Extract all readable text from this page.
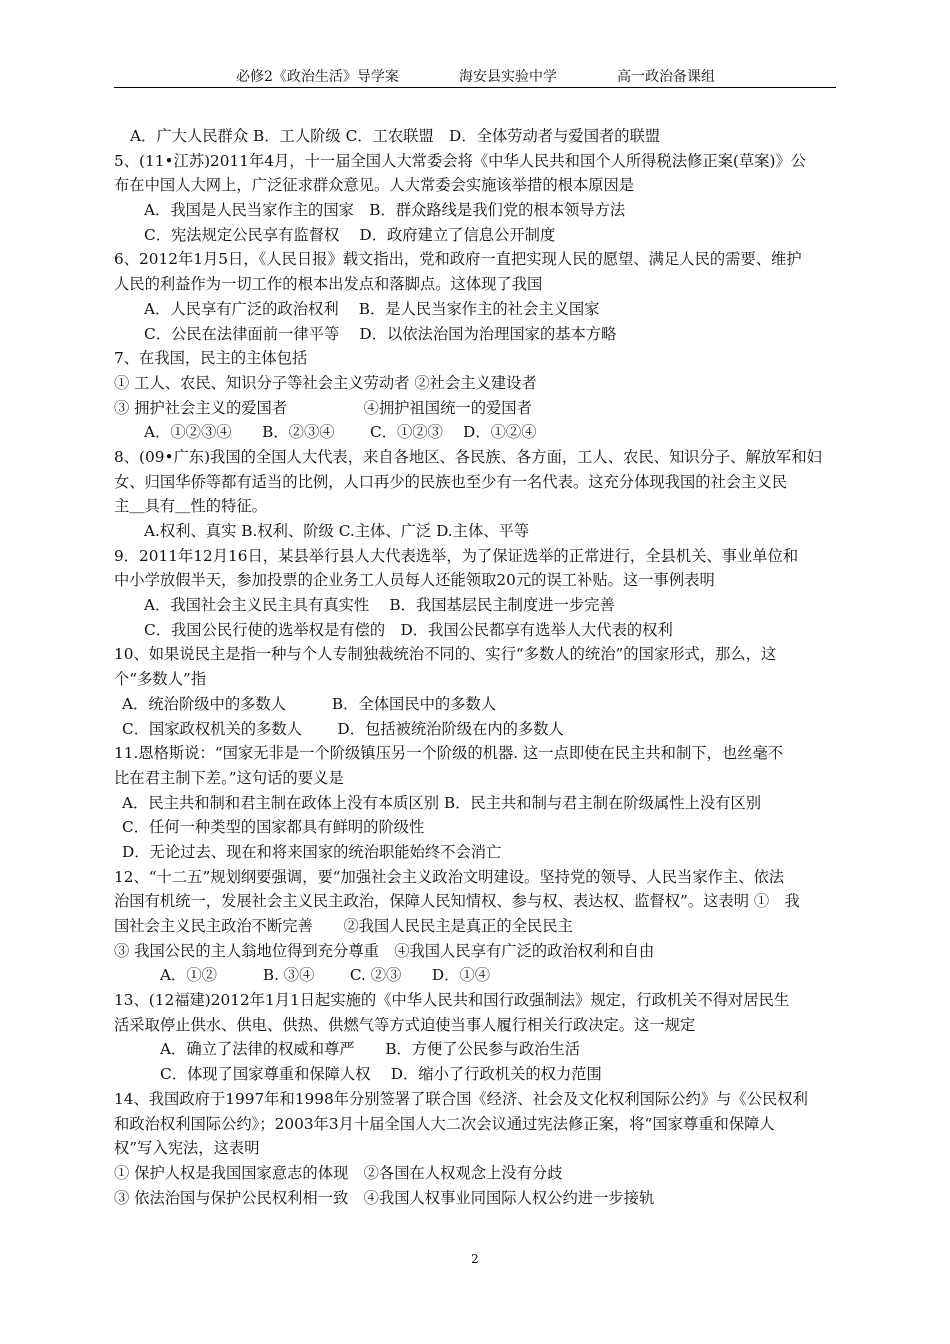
必修2《政治生活》导学案	海安县实验中学	高一政治备课组
A．广大人民群众 B．工人阶级 C．工农联盟　D．全体劳动者与爱国者的联盟
5、(11•江苏)2011年4月，十一届全国人大常委会将《中华人民共和国个人所得税法修正案(草案)》公
布在中国人大网上，广泛征求群众意见。人大常委会实施该举措的根本原因是
A．我国是人民当家作主的国家　B．群众路线是我们党的根本领导方法
C．宪法规定公民享有监督权　 D．政府建立了信息公开制度
6、2012年1月5日，《人民日报》载文指出，党和政府一直把实现人民的愿望、满足人民的需要、维护
人民的利益作为一切工作的根本出发点和落脚点。这体现了我国
A．人民享有广泛的政治权利　 B．是人民当家作主的社会主义国家
C．公民在法律面前一律平等　 D．以依法治国为治理国家的基本方略
7、在我国，民主的主体包括
① 工人、农民、知识分子等社会主义劳动者 ②社会主义建设者
③ 拥护社会主义的爱国者　　　　　④拥护祖国统一的爱国者
A．①②③④　　B．②③④　　 C．①②③　 D．①②④
8、(09•广东)我国的全国人大代表，来自各地区、各民族、各方面，工人、农民、知识分子、解放军和妇
女、归国华侨等都有适当的比例，人口再少的民族也至少有一名代表。这充分体现我国的社会主义民
主＿具有＿性的特征。
A.权利、真实 B.权利、阶级 C.主体、广泛 D.主体、平等
9．2011年12月16日，某县举行县人大代表选举，为了保证选举的正常进行，全县机关、事业单位和
中小学放假半天，参加投票的企业务工人员每人还能领取20元的误工补贴。这一事例表明
A．我国社会主义民主具有真实性　 B．我国基层民主制度进一步完善
C．我国公民行使的选举权是有偿的　D．我国公民都享有选举人大代表的权利
10、如果说民主是指一种与个人专制独裁统治不同的、实行“多数人的统治”的国家形式，那么，这
个“多数人”指
A．统治阶级中的多数人　　　B．全体国民中的多数人
C．国家政权机关的多数人　　 D．包括被统治阶级在内的多数人
11.恩格斯说：“国家无非是一个阶级镇压另一个阶级的机器. 这一点即使在民主共和制下，也丝毫不
比在君主制下差。”这句话的要义是
A．民主共和制和君主制在政体上没有本质区别 B．民主共和制与君主制在阶级属性上没有区别
C．任何一种类型的国家都具有鲜明的阶级性
D．无论过去、现在和将来国家的统治职能始终不会消亡
12、“十二五”规划纲要强调，要“加强社会主义政治文明建设。坚持党的领导、人民当家作主、依法
治国有机统一，发展社会主义民主政治，保障人民知情权、参与权、表达权、监督权”。这表明 ①　我
国社会主义民主政治不断完善　　②我国人民民主是真正的全民民主
③ 我国公民的主人翁地位得到充分尊重　④我国人民享有广泛的政治权利和自由
A．①②　　　B. ③④　　 C. ②③　　D．①④
13、(12福建)2012年1月1日起实施的《中华人民共和国行政强制法》规定，行政机关不得对居民生
活采取停止供水、供电、供热、供燃气等方式迫使当事人履行相关行政决定。这一规定
A．确立了法律的权威和尊严　　B．方便了公民参与政治生活
C．体现了国家尊重和保障人权　 D．缩小了行政机关的权力范围
14、我国政府于1997年和1998年分别签署了联合国《经济、社会及文化权利国际公约》与《公民权利
和政治权利国际公约》；2003年3月十届全国人大二次会议通过宪法修正案，将“国家尊重和保障人
权”写入宪法，这表明
① 保护人权是我国国家意志的体现　②各国在人权观念上没有分歧
③ 依法治国与保护公民权利相一致　④我国人权事业同国际人权公约进一步接轨
2
